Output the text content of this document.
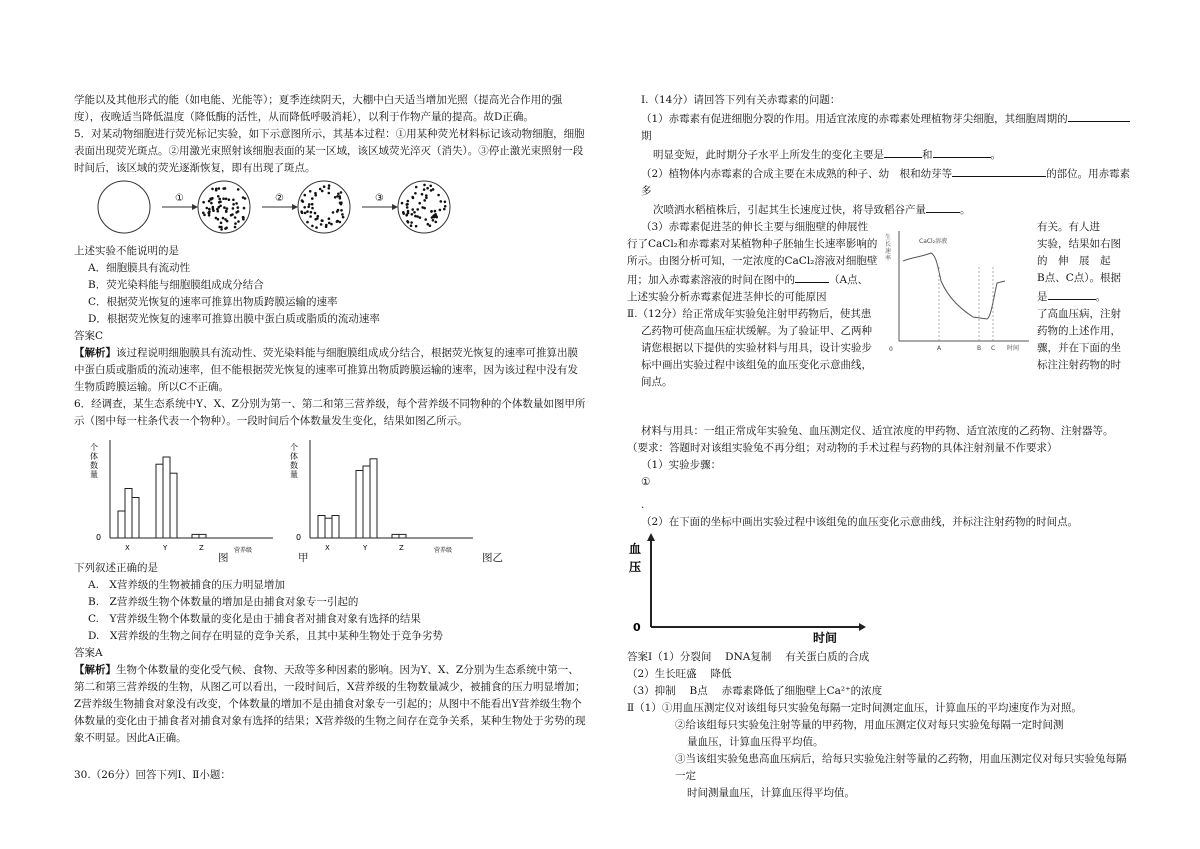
学能以及其他形式的能（如电能、光能等）；夏季连续阴天，大棚中白天适当增加光照（提高光合作用的强

度），夜晚适当降低温度（降低酶的活性，从而降低呼吸消耗），以利于作物产量的提高。故D正确。

5．对某动物细胞进行荧光标记实验，如下示意图所示，其基本过程：①用某种荧光材料标记该动物细胞，细胞

表面出现荧光斑点。②用激光束照射该细胞表面的某一区域，该区域荧光淬灭（消失）。③停止激光束照射一段

时间后，该区域的荧光逐渐恢复，即有出现了斑点。

①	②	③

上述实验不能说明的是

A．细胞膜具有流动性

B．荧光染料能与细胞膜组成成分结合

C．根据荧光恢复的速率可推算出物质跨膜运输的速率

D．根据荧光恢复的速率可推算出膜中蛋白质或脂质的流动速率

答案C

【解析】该过程说明细胞膜具有流动性、荧光染料能与细胞膜组成成分结合，根据荧光恢复的速率可推算出膜

中蛋白质或脂质的流动速率，但不能根据荧光恢复的速率可推算出物质跨膜运输的速率，因为该过程中没有发

生物质跨膜运输。所以C不正确。

6．经调查，某生态系统中Y、X、Z分别为第一、第二和第三营养级，每个营养级不同物种的个体数量如图甲所

示（图中每一柱条代表一个物种）。一段时间后个体数量发生变化，结果如图乙所示。

0
个
体
数
量
营养级
X	Y	Z
0
个
体
数
量
营养级
X	Y	Z
图	甲	图乙

下列叙述正确的是

A.　X营养级的生物被捕食的压力明显增加

B.　Z营养级生物个体数量的增加是由捕食对象专一引起的

C.　Y营养级生物个体数量的变化是由于捕食者对捕食对象有选择的结果

D.　X营养级的生物之间存在明显的竞争关系，且其中某种生物处于竞争劣势

答案A

【解析】生物个体数量的变化受气候、食物、天敌等多种因素的影响。因为Y、X、Z分别为生态系统中第一、

第二和第三营养级的生物，从图乙可以看出，一段时间后，X营养级的生物数量减少，被捕食的压力明显增加；

Z营养级生物捕食对象没有改变，个体数量的增加不是由捕食对象专一引起的；从图中不能看出Y营养级生物个

体数量的变化由于捕食者对捕食对象有选择的结果；X营养级的生物之间存在竞争关系，某种生物处于劣势的现

象不明显。因此A正确。

30.（26分）回答下列Ⅰ、Ⅱ小题：

Ⅰ.（14分）请回答下列有关赤霉素的问题：

（1）赤霉素有促进细胞分裂的作用。用适宜浓度的赤霉素处理植物芽尖细胞，其细胞周期的期

明显变短，此时期分子水平上所发生的变化主要是	和	。

（2）植物体内赤霉素的合成主要在未成熟的种子、幼　根和幼芽等	的部位。用赤霉素多

次喷洒水稻植株后，引起其生长速度过快，将导致稻谷产量	。

（3）赤霉素促进茎的伸长主要与细胞壁的伸展性

行了CaCl₂和赤霉素对某植物种子胚轴生长速率影响的

所示。由图分析可知，一定浓度的CaCl₂溶液对细胞壁

用；加入赤霉素溶液的时间在图中的	（A点、

上述实验分析赤霉素促进茎伸长的可能原因

Ⅱ.（12分）给正常成年实验兔注射甲药物后，使其患

乙药物可使高血压症状缓解。为了验证甲、乙两种

请您根据以下提供的实验材料与用具，设计实验步

标中画出实验过程中该组兔的血压变化示意曲线，

间点。

0
生
长
速
率
CaCl₂溶液
A	B C 时间

有关。有人进

实验，结果如右图

的　伸　展　起

B点、C点）。根据

是	。

了高血压病，注射

药物的上述作用，

骤，并在下面的坐

标注注射药物的时

材料与用具：一组正常成年实验兔、血压测定仪、适宜浓度的甲药物、适宜浓度的乙药物、注射器等。

（要求：答题时对该组实验兔不再分组；对动物的手术过程与药物的具体注射剂量不作要求）

（1）实验步骤：

①

.

（2）在下面的坐标中画出实验过程中该组兔的血压变化示意曲线，并标注注射药物的时间点。

血
压
0
时间

答案Ⅰ（1）分裂间　 DNA复制　 有关蛋白质的合成

（2）生长旺盛　 降低

（3）抑制　 B点　 赤霉素降低了细胞壁上Ca²⁺的浓度

Ⅱ（1）①用血压测定仪对该组每只实验兔每隔一定时间测定血压，计算血压的平均速度作为对照。

②给该组每只实验兔注射等量的甲药物，用血压测定仪对每只实验兔每隔一定时间测

量血压，计算血压得平均值。

③当该组实验兔患高血压病后，给每只实验兔注射等量的乙药物，用血压测定仪对每只实验兔每隔一定

时间测量血压，计算血压得平均值。
